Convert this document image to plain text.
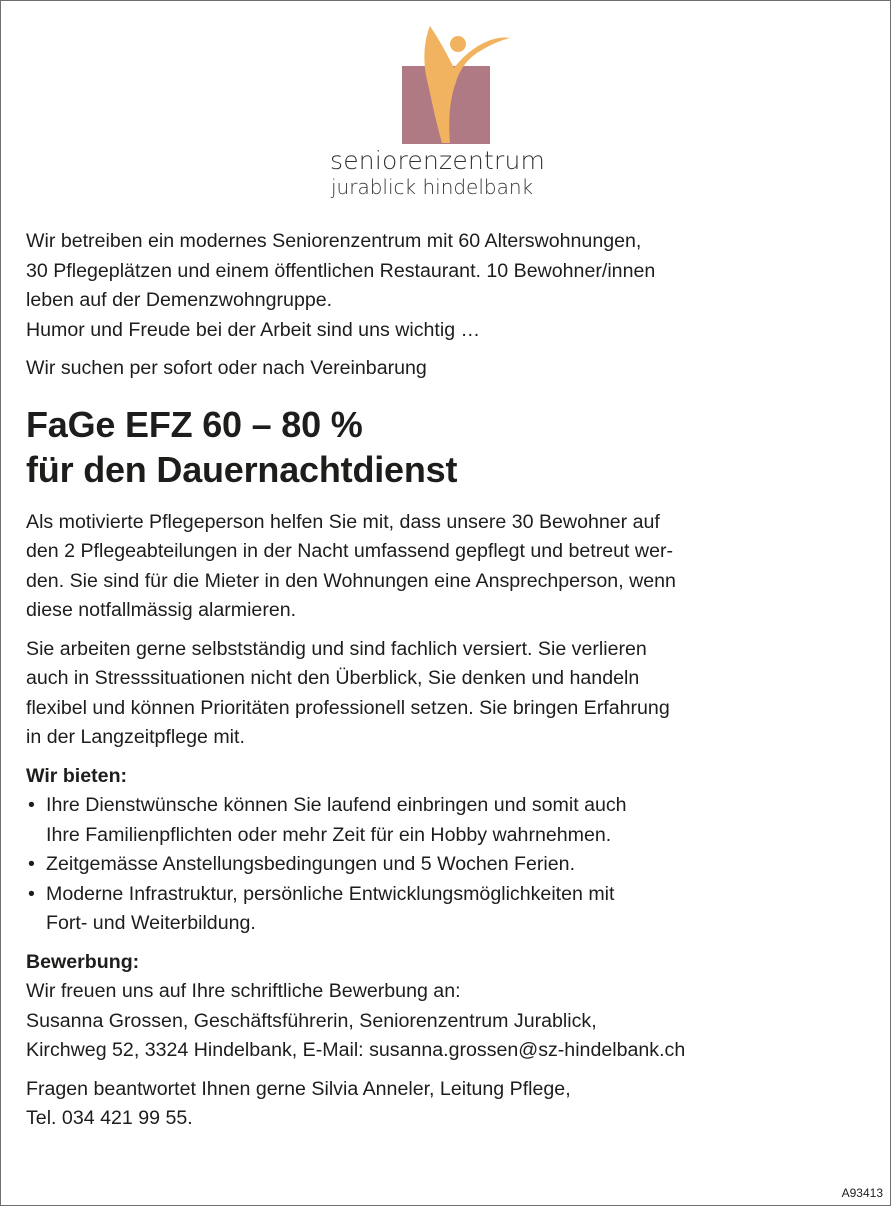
seniorenzentrum
jurablick hindelbank

Wir betreiben ein modernes Seniorenzentrum mit 60 Alterswohnungen,

30 Pflegeplätzen und einem öffentlichen Restaurant. 10 Bewohner/innen

leben auf der Demenzwohngruppe.

Humor und Freude bei der Arbeit sind uns wichtig …

Wir suchen per sofort oder nach Vereinbarung

FaGe EFZ 60 – 80 %
für den Dauernachtdienst

Als motivierte Pflegeperson helfen Sie mit, dass unsere 30 Bewohner auf

den 2 Pflegeabteilungen in der Nacht umfassend gepflegt und betreut wer-

den. Sie sind für die Mieter in den Wohnungen eine Ansprechperson, wenn

diese notfallmässig alarmieren.

Sie arbeiten gerne selbstständig und sind fachlich versiert. Sie verlieren

auch in Stresssituationen nicht den Überblick, Sie denken und handeln

flexibel und können Prioritäten professionell setzen. Sie bringen Erfahrung

in der Langzeitpflege mit.

Wir bieten:

• Ihre Dienstwünsche können Sie laufend einbringen und somit auch

Ihre Familienpflichten oder mehr Zeit für ein Hobby wahrnehmen.

• Zeitgemässe Anstellungsbedingungen und 5 Wochen Ferien.

• Moderne Infrastruktur, persönliche Entwicklungsmöglichkeiten mit

Fort- und Weiterbildung.

Bewerbung:

Wir freuen uns auf Ihre schriftliche Bewerbung an:

Susanna Grossen, Geschäftsführerin, Seniorenzentrum Jurablick,

Kirchweg 52, 3324 Hindelbank, E-Mail: susanna.grossen@sz-hindelbank.ch

Fragen beantwortet Ihnen gerne Silvia Anneler, Leitung Pflege,

Tel. 034 421 99 55.

A93413
